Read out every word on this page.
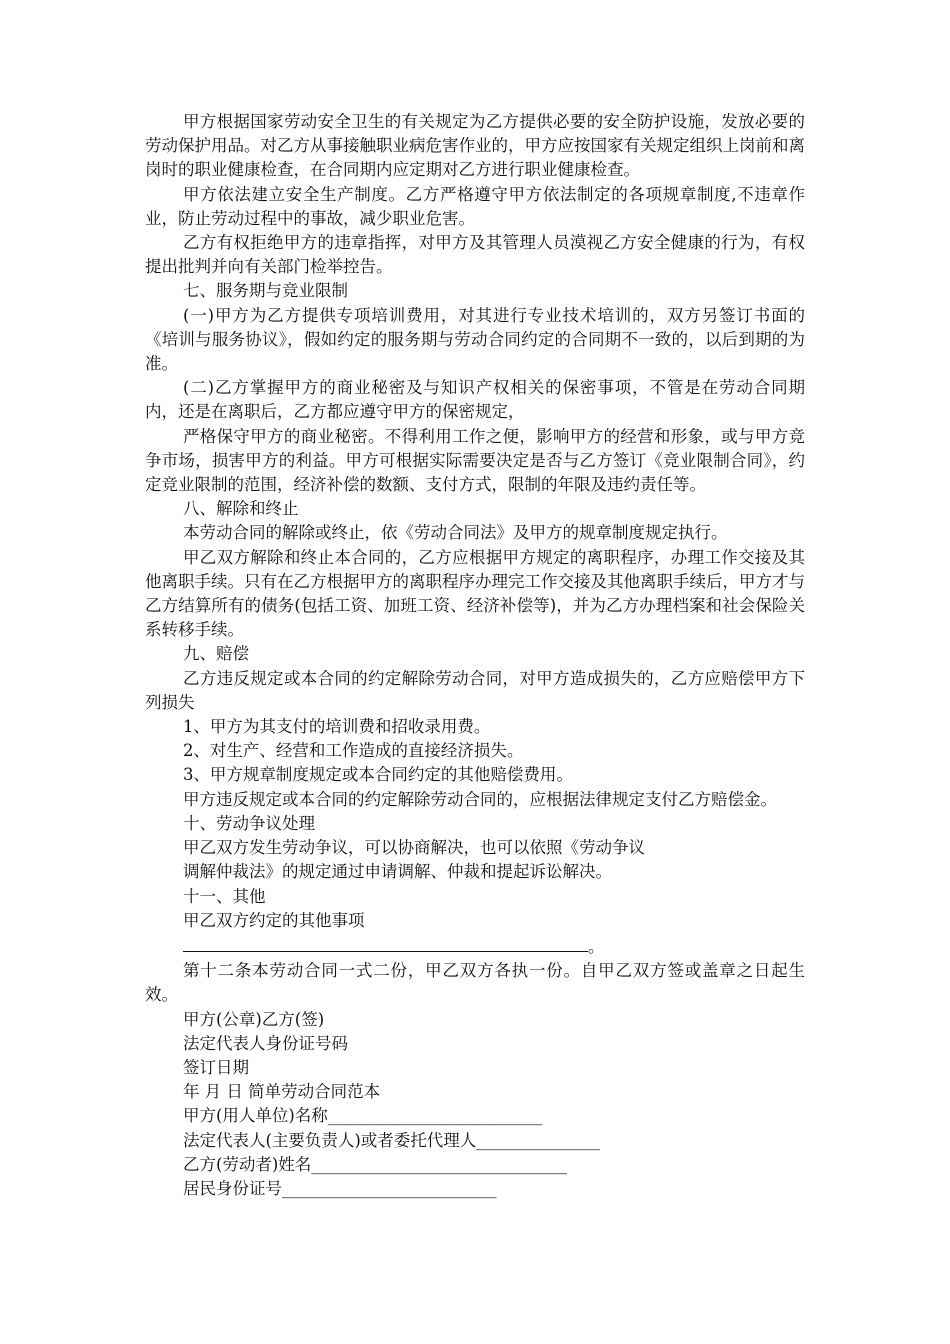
甲方根据国家劳动安全卫生的有关规定为乙方提供必要的安全防护设施，发放必要的劳动保护用品。对乙方从事接触职业病危害作业的，甲方应按国家有关规定组织上岗前和离岗时的职业健康检查，在合同期内应定期对乙方进行职业健康检查。

甲方依法建立安全生产制度。乙方严格遵守甲方依法制定的各项规章制度,不违章作业，防止劳动过程中的事故，减少职业危害。

乙方有权拒绝甲方的违章指挥，对甲方及其管理人员漠视乙方安全健康的行为，有权提出批判并向有关部门检举控告。

七、服务期与竞业限制

(一)甲方为乙方提供专项培训费用，对其进行专业技术培训的，双方另签订书面的《培训与服务协议》，假如约定的服务期与劳动合同约定的合同期不一致的，以后到期的为准。

(二)乙方掌握甲方的商业秘密及与知识产权相关的保密事项，不管是在劳动合同期内，还是在离职后，乙方都应遵守甲方的保密规定，

严格保守甲方的商业秘密。不得利用工作之便，影响甲方的经营和形象，或与甲方竞争市场，损害甲方的利益。甲方可根据实际需要决定是否与乙方签订《竞业限制合同》，约定竞业限制的范围，经济补偿的数额、支付方式，限制的年限及违约责任等。

八、解除和终止

本劳动合同的解除或终止，依《劳动合同法》及甲方的规章制度规定执行。

甲乙双方解除和终止本合同的，乙方应根据甲方规定的离职程序，办理工作交接及其他离职手续。只有在乙方根据甲方的离职程序办理完工作交接及其他离职手续后，甲方才与乙方结算所有的债务(包括工资、加班工资、经济补偿等)，并为乙方办理档案和社会保险关系转移手续。

九、赔偿

乙方违反规定或本合同的约定解除劳动合同，对甲方造成损失的，乙方应赔偿甲方下列损失

1、甲方为其支付的培训费和招收录用费。

2、对生产、经营和工作造成的直接经济损失。

3、甲方规章制度规定或本合同约定的其他赔偿费用。

甲方违反规定或本合同的约定解除劳动合同的，应根据法律规定支付乙方赔偿金。

十、劳动争议处理

甲乙双方发生劳动争议，可以协商解决，也可以依照《劳动争议

调解仲裁法》的规定通过申请调解、仲裁和提起诉讼解决。

十一、其他

甲乙双方约定的其他事项

。

第十二条本劳动合同一式二份，甲乙双方各执一份。自甲乙双方签或盖章之日起生效。

甲方(公章)乙方(签)

法定代表人身份证号码

签订日期

年 月 日 简单劳动合同范本

甲方(用人单位)名称__________________________

法定代表人(主要负责人)或者委托代理人_______________

乙方(劳动者)姓名_______________________________

居民身份证号__________________________
